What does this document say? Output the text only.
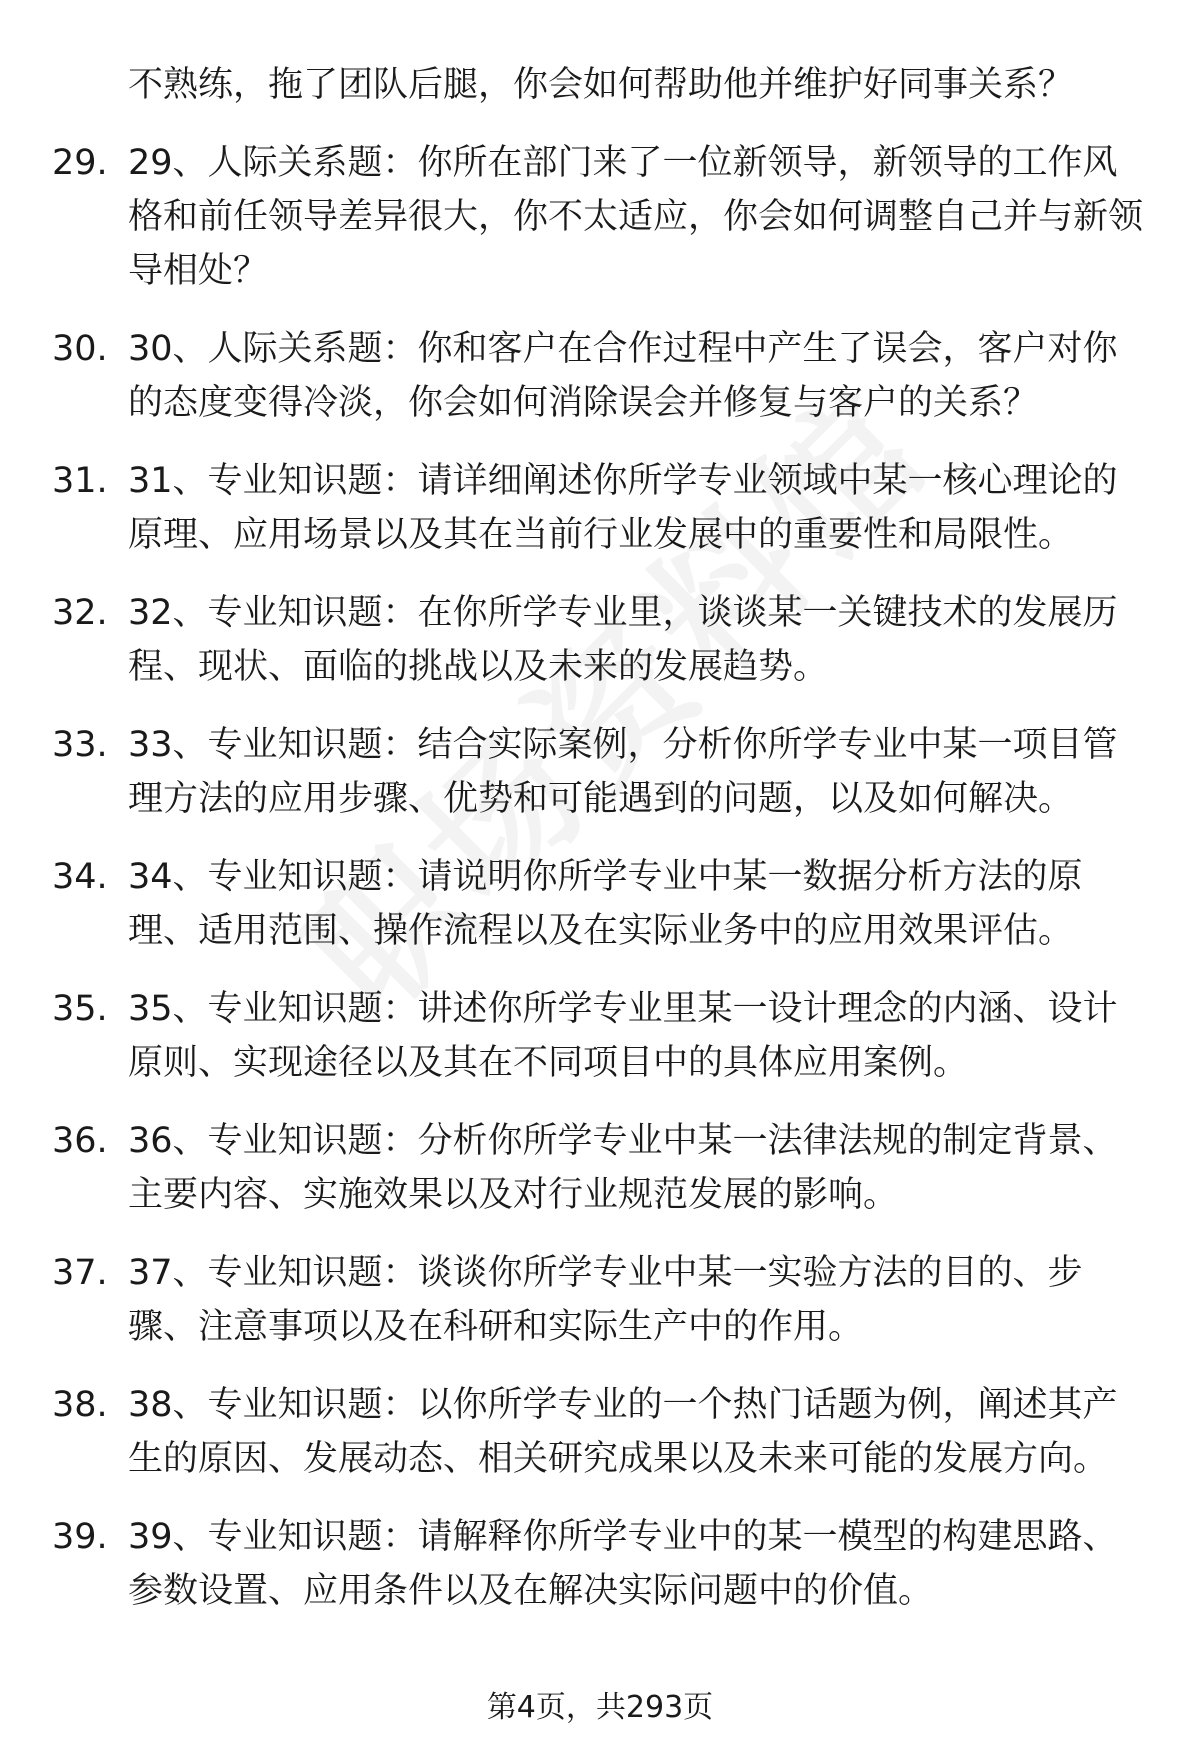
不熟练，拖了团队后腿，你会如何帮助他并维护好同事关系？
29. 29、人际关系题：你所在部门来了一位新领导，新领导的工作风格和前任领导差异很大，你不太适应，你会如何调整自己并与新领导相处？
30. 30、人际关系题：你和客户在合作过程中产生了误会，客户对你的态度变得冷淡，你会如何消除误会并修复与客户的关系？
31. 31、专业知识题：请详细阐述你所学专业领域中某一核心理论的原理、应用场景以及其在当前行业发展中的重要性和局限性。
32. 32、专业知识题：在你所学专业里，谈谈某一关键技术的发展历程、现状、面临的挑战以及未来的发展趋势。
33. 33、专业知识题：结合实际案例，分析你所学专业中某一项目管理方法的应用步骤、优势和可能遇到的问题，以及如何解决。
34. 34、专业知识题：请说明你所学专业中某一数据分析方法的原理、适用范围、操作流程以及在实际业务中的应用效果评估。
35. 35、专业知识题：讲述你所学专业里某一设计理念的内涵、设计原则、实现途径以及其在不同项目中的具体应用案例。
36. 36、专业知识题：分析你所学专业中某一法律法规的制定背景、主要内容、实施效果以及对行业规范发展的影响。
37. 37、专业知识题：谈谈你所学专业中某一实验方法的目的、步骤、注意事项以及在科研和实际生产中的作用。
38. 38、专业知识题：以你所学专业的一个热门话题为例，阐述其产生的原因、发展动态、相关研究成果以及未来可能的发展方向。
39. 39、专业知识题：请解释你所学专业中的某一模型的构建思路、参数设置、应用条件以及在解决实际问题中的价值。
第4页，共293页
